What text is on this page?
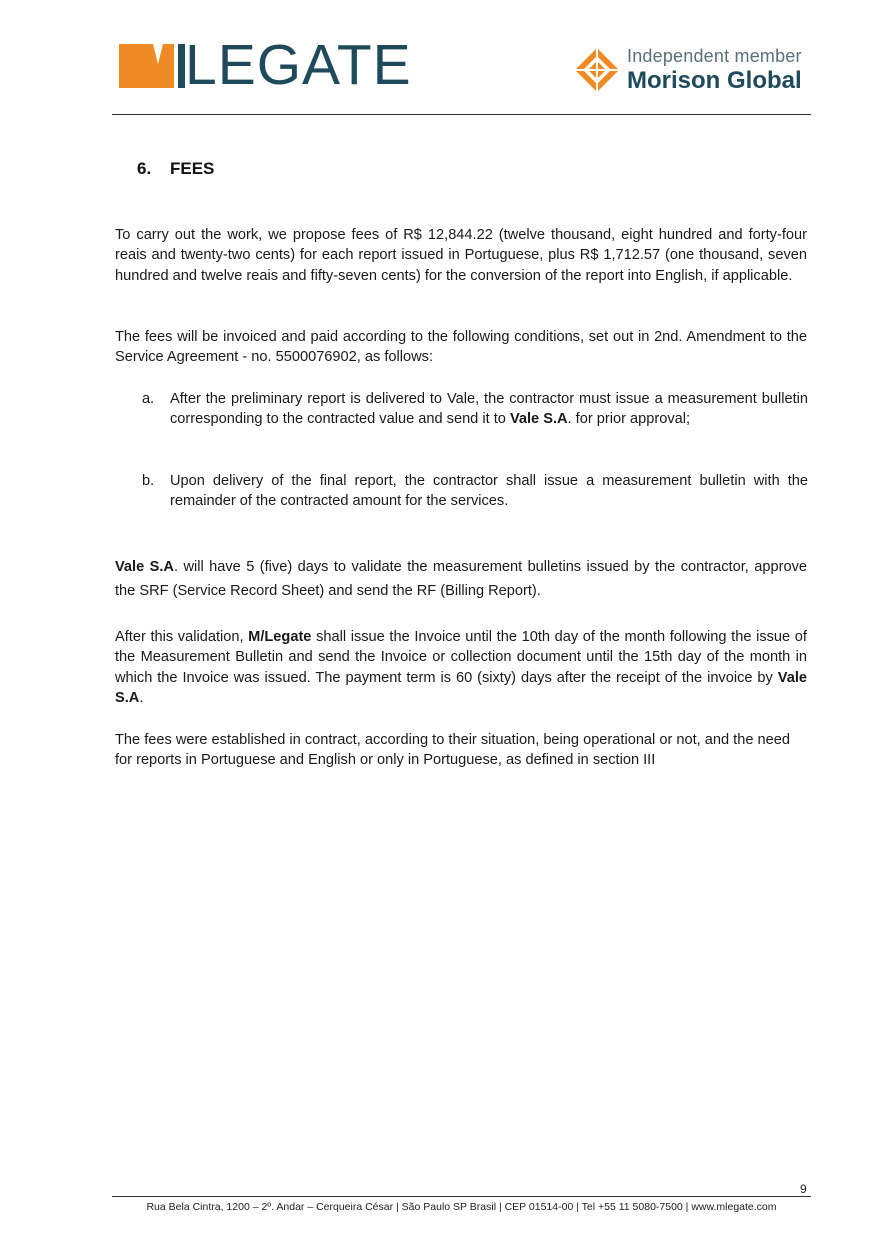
LEGATE	Independent member
Morison Global
6. FEES
To carry out the work, we propose fees of R$ 12,844.22 (twelve thousand, eight hundred and forty-four reais and twenty-two cents) for each report issued in Portuguese, plus R$ 1,712.57 (one thousand, seven hundred and twelve reais and fifty-seven cents) for the conversion of the report into English, if applicable.
The fees will be invoiced and paid according to the following conditions, set out in 2nd. Amendment to the Service Agreement - no. 5500076902, as follows:
a.	After the preliminary report is delivered to Vale, the contractor must issue a measurement bulletin corresponding to the contracted value and send it to Vale S.A. for prior approval;
b.	Upon delivery of the final report, the contractor shall issue a measurement bulletin with the remainder of the contracted amount for the services.
Vale S.A. will have 5 (five) days to validate the measurement bulletins issued by the contractor, approve the SRF (Service Record Sheet) and send the RF (Billing Report).
After this validation, M/Legate shall issue the Invoice until the 10th day of the month following the issue of the Measurement Bulletin and send the Invoice or collection document until the 15th day of the month in which the Invoice was issued. The payment term is 60 (sixty) days after the receipt of the invoice by Vale S.A.
The fees were established in contract, according to their situation, being operational or not, and the need for reports in Portuguese and English or only in Portuguese, as defined in section III
9
Rua Bela Cintra, 1200 – 2º. Andar – Cerqueira César | São Paulo SP Brasil | CEP 01514-00 | Tel +55 11 5080-7500 | www.mlegate.com
